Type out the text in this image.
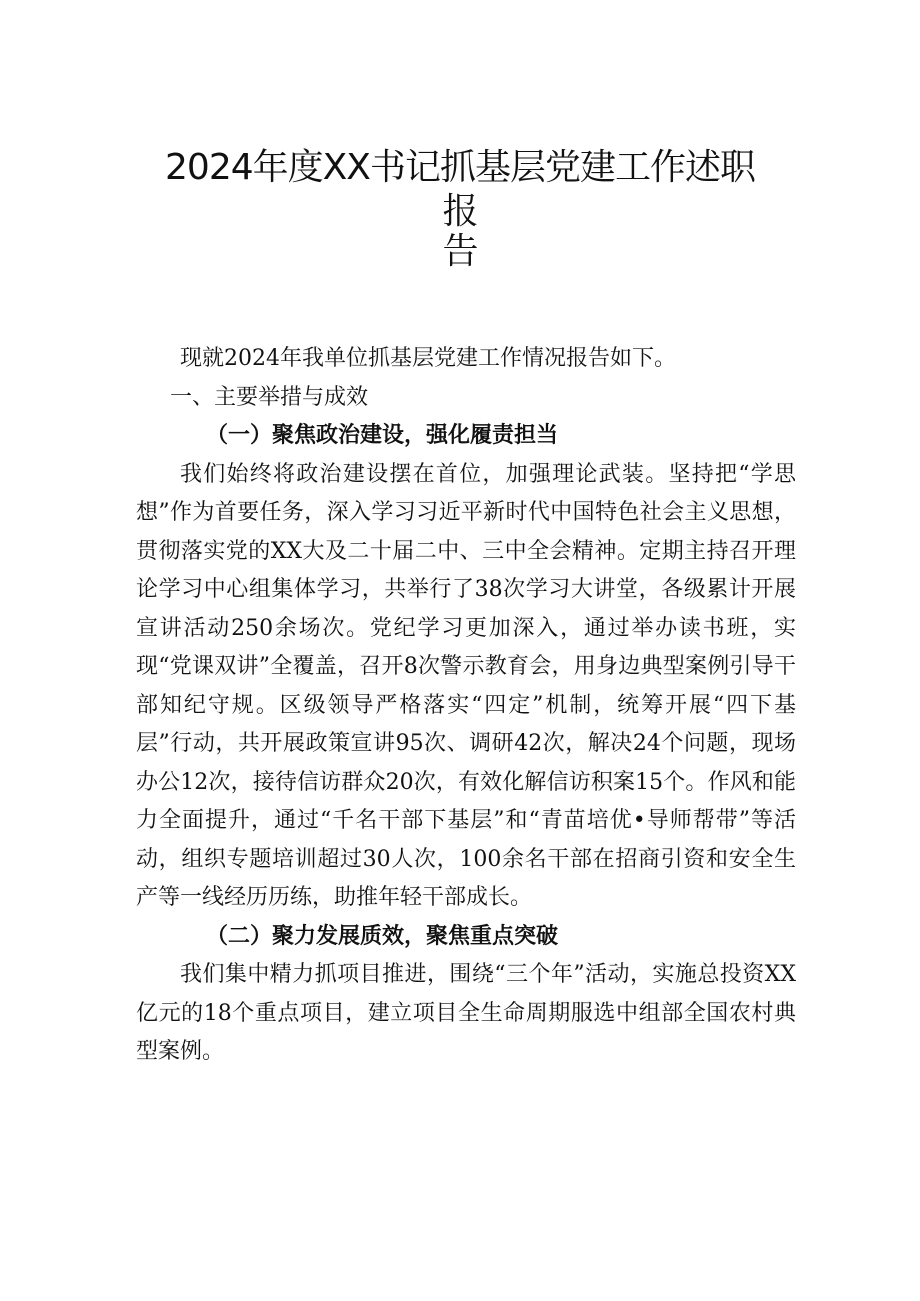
2024年度XX书记抓基层党建工作述职报
告

现就2024年我单位抓基层党建工作情况报告如下。

一、主要举措与成效

（一）聚焦政治建设，强化履责担当

我们始终将政治建设摆在首位，加强理论武装。坚持把“学思想”作为首要任务，深入学习习近平新时代中国特色社会主义思想，贯彻落实党的XX大及二十届二中、三中全会精神。定期主持召开理论学习中心组集体学习，共举行了38次学习大讲堂，各级累计开展宣讲活动250余场次。党纪学习更加深入，通过举办读书班，实现“党课双讲”全覆盖，召开8次警示教育会，用身边典型案例引导干部知纪守规。区级领导严格落实“四定”机制，统筹开展“四下基层”行动，共开展政策宣讲95次、调研42次，解决24个问题，现场办公12次，接待信访群众20次，有效化解信访积案15个。作风和能力全面提升，通过“千名干部下基层”和“青苗培优•导师帮带”等活动，组织专题培训超过30人次，100余名干部在招商引资和安全生产等一线经历历练，助推年轻干部成长。

（二）聚力发展质效，聚焦重点突破

我们集中精力抓项目推进，围绕“三个年”活动，实施总投资XX亿元的18个重点项目，建立项目全生命周期服选中组部全国农村典型案例。
